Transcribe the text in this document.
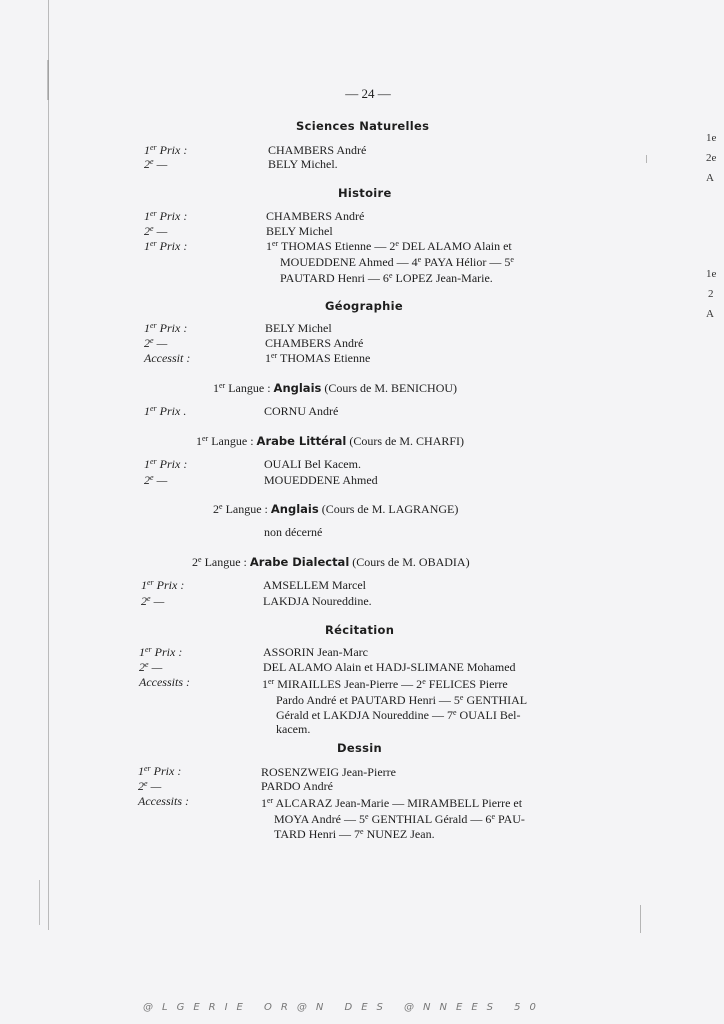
1e
2e
A
1e
2
A
— 24 —
Sciences Naturelles
1er Prix :	CHAMBERS André
2e —	BELY Michel.
Histoire
1er Prix :	CHAMBERS André
2e —	BELY Michel
1er Prix :	1er THOMAS Etienne — 2e DEL ALAMO Alain et
MOUEDDENE Ahmed — 4e PAYA Hélior — 5e
PAUTARD Henri — 6e LOPEZ Jean-Marie.
Géographie
1er Prix :	BELY Michel
2e —	CHAMBERS André
Accessit :	1er THOMAS Etienne
1er Langue : Anglais (Cours de M. BENICHOU)
1er Prix .	CORNU André
1er Langue : Arabe Littéral (Cours de M. CHARFI)
1er Prix :	OUALI Bel Kacem.
2e —	MOUEDDENE Ahmed
2e Langue : Anglais (Cours de M. LAGRANGE)
non décerné
2e Langue : Arabe Dialectal (Cours de M. OBADIA)
1er Prix :	AMSELLEM Marcel
2e —	LAKDJA Noureddine.
Récitation
1er Prix :	ASSORIN Jean-Marc
2e —	DEL ALAMO Alain et HADJ-SLIMANE Mohamed
Accessits :	1er MIRAILLES Jean-Pierre — 2e FELICES Pierre
Pardo André et PAUTARD Henri — 5e GENTHIAL
Gérald et LAKDJA Noureddine — 7e OUALI Bel-
kacem.
Dessin
1er Prix :	ROSENZWEIG Jean-Pierre
2e —	PARDO André
Accessits :	1er ALCARAZ Jean-Marie — MIRAMBELL Pierre et
MOYA André — 5e GENTHIAL Gérald — 6e PAU-
TARD Henri — 7e NUNEZ Jean.
@LGERIE OR@N DES @NNEES 50
